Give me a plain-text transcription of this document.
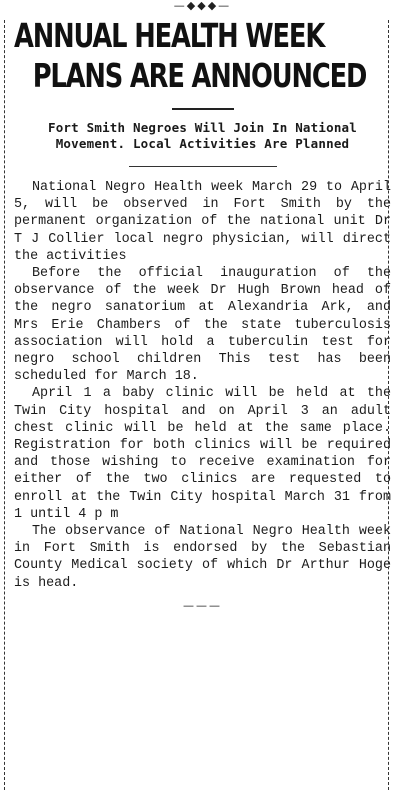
—◆◆◆—
ANNUAL HEALTH WEEK
PLANS ARE ANNOUNCED
Fort Smith Negroes Will Join In National Movement. Local Activities Are Planned

National Negro Health week March 29 to April 5, will be observed in Fort Smith by the permanent organization of the national unit Dr T J Collier local negro physician, will direct the activities

Before the official inauguration of the observance of the week Dr Hugh Brown head of the negro sanatorium at Alexandria Ark, and Mrs Erie Chambers of the state tuberculosis association will hold a tuberculin test for negro school children This test has been scheduled for March 18.

April 1 a baby clinic will be held at the Twin City hospital and on April 3 an adult chest clinic will be held at the same place. Registration for both clinics will be required and those wishing to receive examination for either of the two clinics are requested to enroll at the Twin City hospital March 31 from 1 until 4 p m

The observance of National Negro Health week in Fort Smith is endorsed by the Sebastian County Medical society of which Dr Arthur Hoge is head.

———
